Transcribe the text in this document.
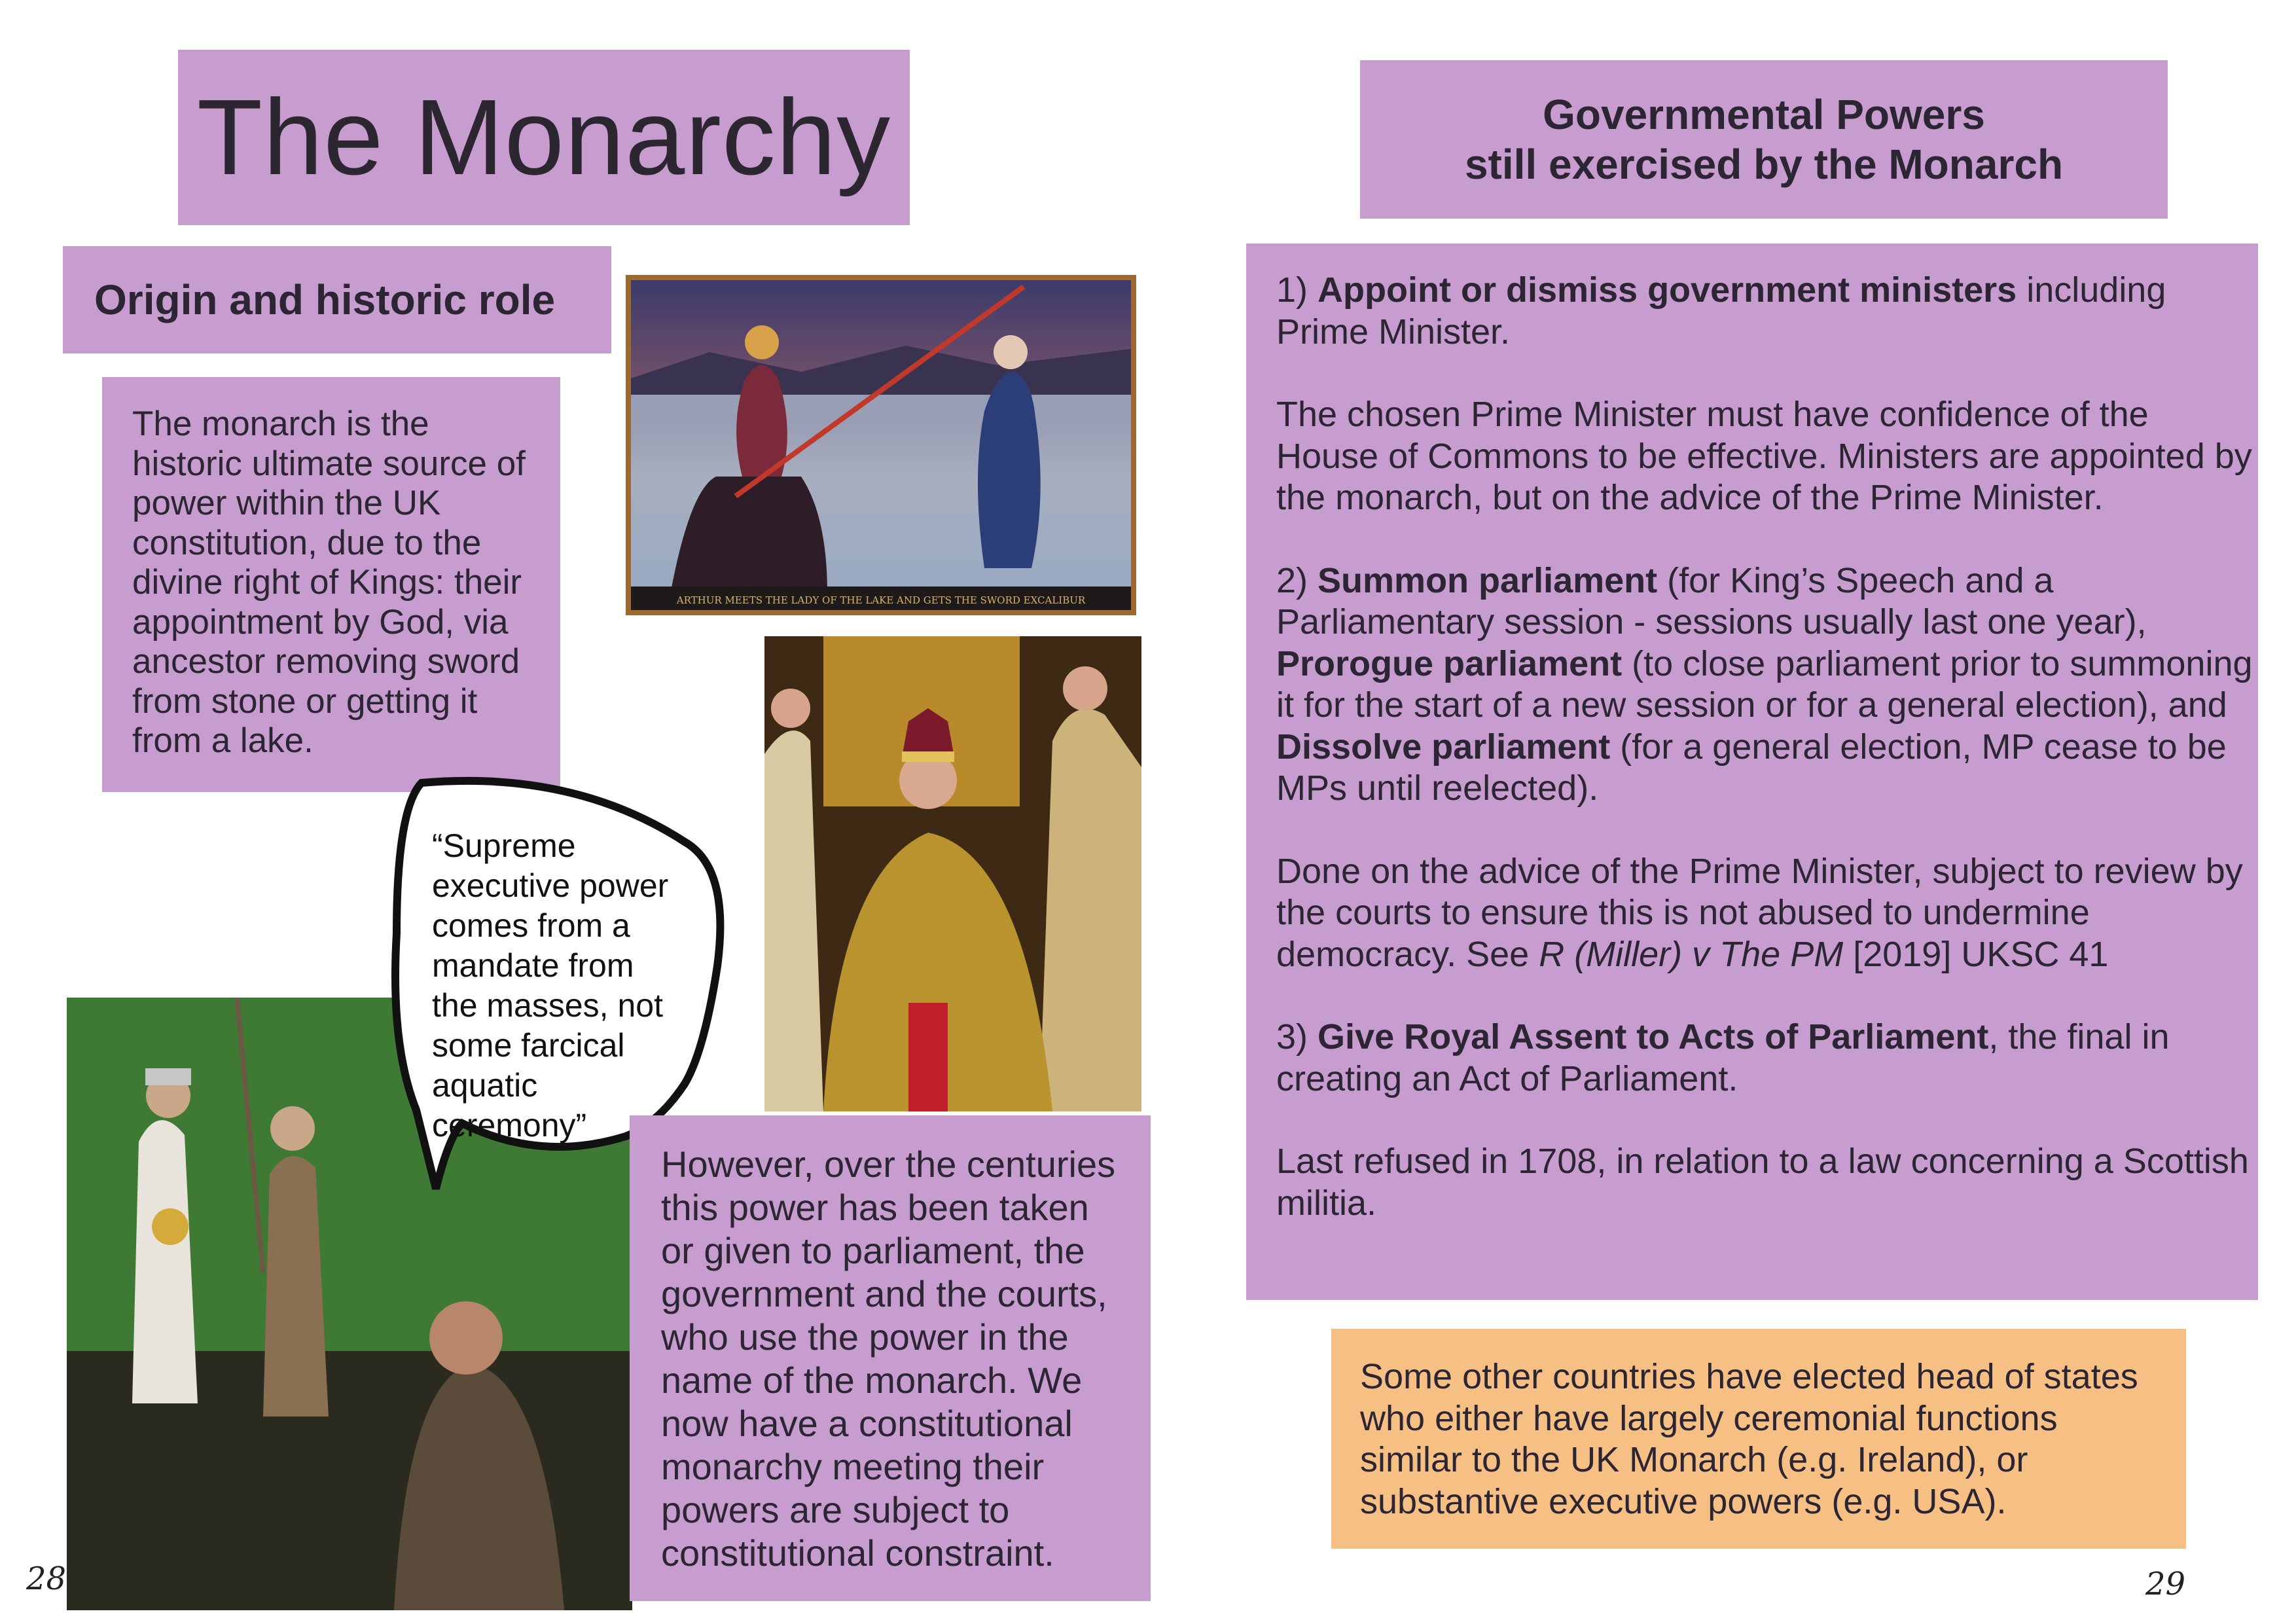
The Monarchy
Origin and historic role

The monarch is the
historic ultimate source of
power within the UK
constitution, due to the
divine right of Kings: their
appointment by God, via
ancestor removing sword
from stone or getting it
from a lake.

ARTHUR MEETS THE LADY OF THE LAKE AND GETS THE SWORD EXCALIBUR
“Supreme
executive power
comes from a
mandate from
the masses, not
some farcical
aquatic
ceremony”

However, over the centuries
this power has been taken
or given to parliament, the
government and the courts,
who use the power in the
name of the monarch. We
now have a constitutional
monarchy meeting their
powers are subject to
constitutional constraint.

28
Governmental Powers
still exercised by the Monarch

1) Appoint or dismiss government ministers including Prime Minister.

The chosen Prime Minister must have confidence of the House of Commons to be effective. Ministers are appointed by the monarch, but on the advice of the Prime Minister.

2) Summon parliament (for King’s Speech and a Parliamentary session - sessions usually last one year), Prorogue parliament (to close parliament prior to summoning it for the start of a new session or for a general election), and Dissolve parliament (for a general election, MP cease to be MPs until reelected).

Done on the advice of the Prime Minister, subject to review by the courts to ensure this is not abused to undermine democracy. See R (Miller) v The PM [2019] UKSC 41

3) Give Royal Assent to Acts of Parliament, the final in creating an Act of Parliament.

Last refused in 1708, in relation to a law concerning a Scottish militia.

Some other countries have elected head of states
who either have largely ceremonial functions
similar to the UK Monarch (e.g. Ireland), or
substantive executive powers (e.g. USA).

29
